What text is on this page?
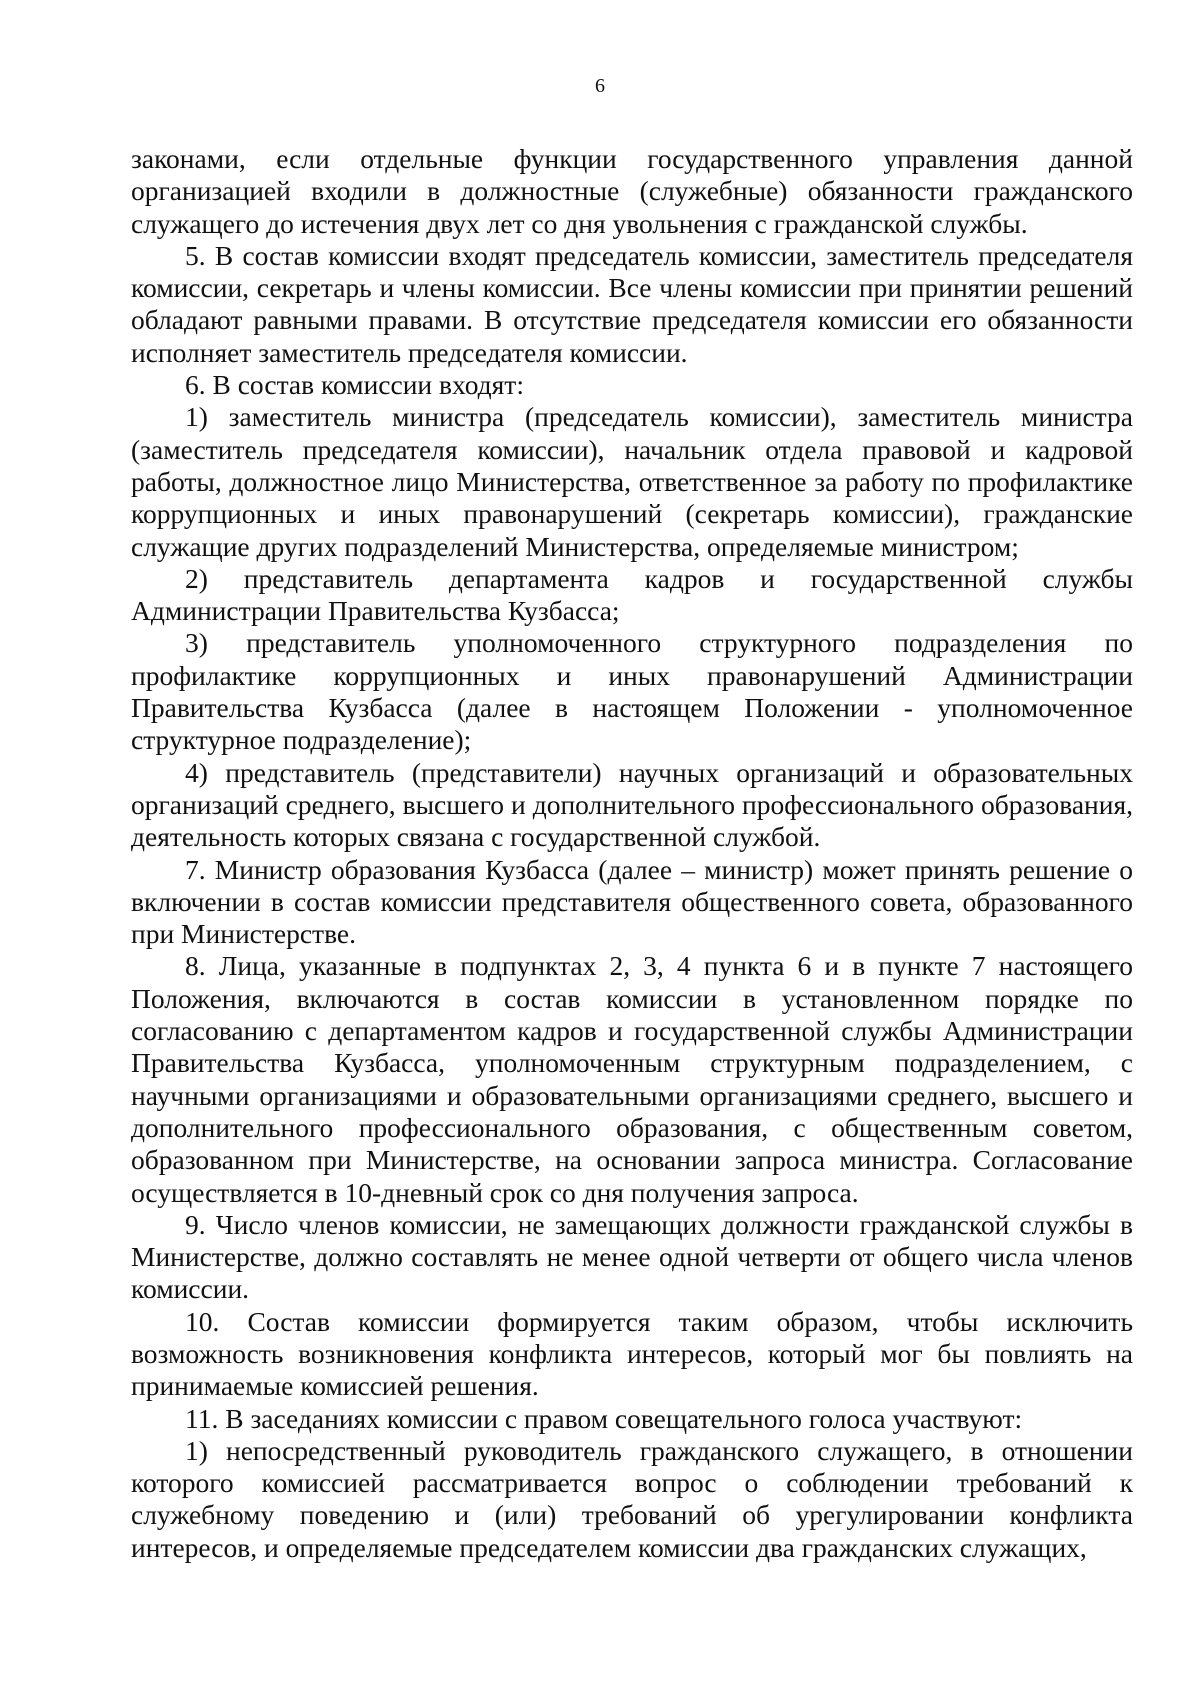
6

законами, если отдельные функции государственного управления данной организацией входили в должностные (служебные) обязанности гражданского служащего до истечения двух лет со дня увольнения с гражданской службы.

5. В состав комиссии входят председатель комиссии, заместитель председателя комиссии, секретарь и члены комиссии. Все члены комиссии при принятии решений обладают равными правами. В отсутствие председателя комиссии его обязанности исполняет заместитель председателя комиссии.

6. В состав комиссии входят:

1) заместитель министра (председатель комиссии), заместитель министра (заместитель председателя комиссии), начальник отдела правовой и кадровой работы, должностное лицо Министерства, ответственное за работу по профилактике коррупционных и иных правонарушений (секретарь комиссии), гражданские служащие других подразделений Министерства, определяемые министром;

2) представитель департамента кадров и государственной службы Администрации Правительства Кузбасса;

3) представитель уполномоченного структурного подразделения по профилактике коррупционных и иных правонарушений Администрации Правительства Кузбасса (далее в настоящем Положении - уполномоченное структурное подразделение);

4) представитель (представители) научных организаций и образовательных организаций среднего, высшего и дополнительного профессионального образования, деятельность которых связана с государственной службой.

7. Министр образования Кузбасса (далее – министр) может принять решение о включении в состав комиссии представителя общественного совета, образованного при Министерстве.

8. Лица, указанные в подпунктах 2, 3, 4 пункта 6 и в пункте 7 настоящего Положения, включаются в состав комиссии в установленном порядке по согласованию с департаментом кадров и государственной службы Администрации Правительства Кузбасса, уполномоченным структурным подразделением, с научными организациями и образовательными организациями среднего, высшего и дополнительного профессионального образования, с общественным советом, образованном при Министерстве, на основании запроса министра. Согласование осуществляется в 10-дневный срок со дня получения запроса.

9. Число членов комиссии, не замещающих должности гражданской службы в Министерстве, должно составлять не менее одной четверти от общего числа членов комиссии.

10. Состав комиссии формируется таким образом, чтобы исключить возможность возникновения конфликта интересов, который мог бы повлиять на принимаемые комиссией решения.

11. В заседаниях комиссии с правом совещательного голоса участвуют:

1) непосредственный руководитель гражданского служащего, в отношении которого комиссией рассматривается вопрос о соблюдении требований к служебному поведению и (или) требований об урегулировании конфликта интересов, и определяемые председателем комиссии два гражданских служащих,
